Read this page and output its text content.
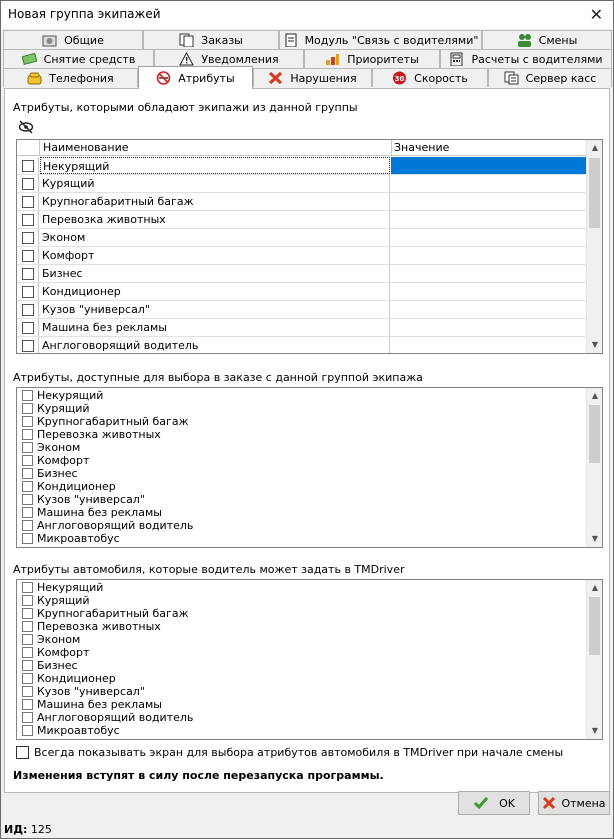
Новая группа экипажей	✕
Общие	Заказы	Модуль "Связь с водителями"	Смены
Снятие средств	Уведомления	Приоритеты	Расчеты с водителями
Телефония	Атрибуты	Нарушения	30 Скорость	Сервер касс
Атрибуты, которыми обладают экипажи из данной группы
Наименование	Значение
Некурящий
Курящий
Крупногабаритный багаж
Перевозка животных
Эконом
Комфорт
Бизнес
Кондиционер
Кузов "универсал"
Машина без рекламы
Англоговорящий водитель
▲
▼
Атрибуты, доступные для выбора в заказе с данной группой экипажа
Некурящий
Курящий
Крупногабаритный багаж
Перевозка животных
Эконом
Комфорт
Бизнес
Кондиционер
Кузов "универсал"
Машина без рекламы
Англоговорящий водитель
Микроавтобус
▲
▼
Атрибуты автомобиля, которые водитель может задать в TMDriver
Некурящий
Курящий
Крупногабаритный багаж
Перевозка животных
Эконом
Комфорт
Бизнес
Кондиционер
Кузов "универсал"
Машина без рекламы
Англоговорящий водитель
Микроавтобус
▲
▼
Всегда показывать экран для выбора атрибутов автомобиля в TMDriver при начале смены
Изменения вступят в силу после перезапуска программы.
OK	Отмена
ИД: 125
